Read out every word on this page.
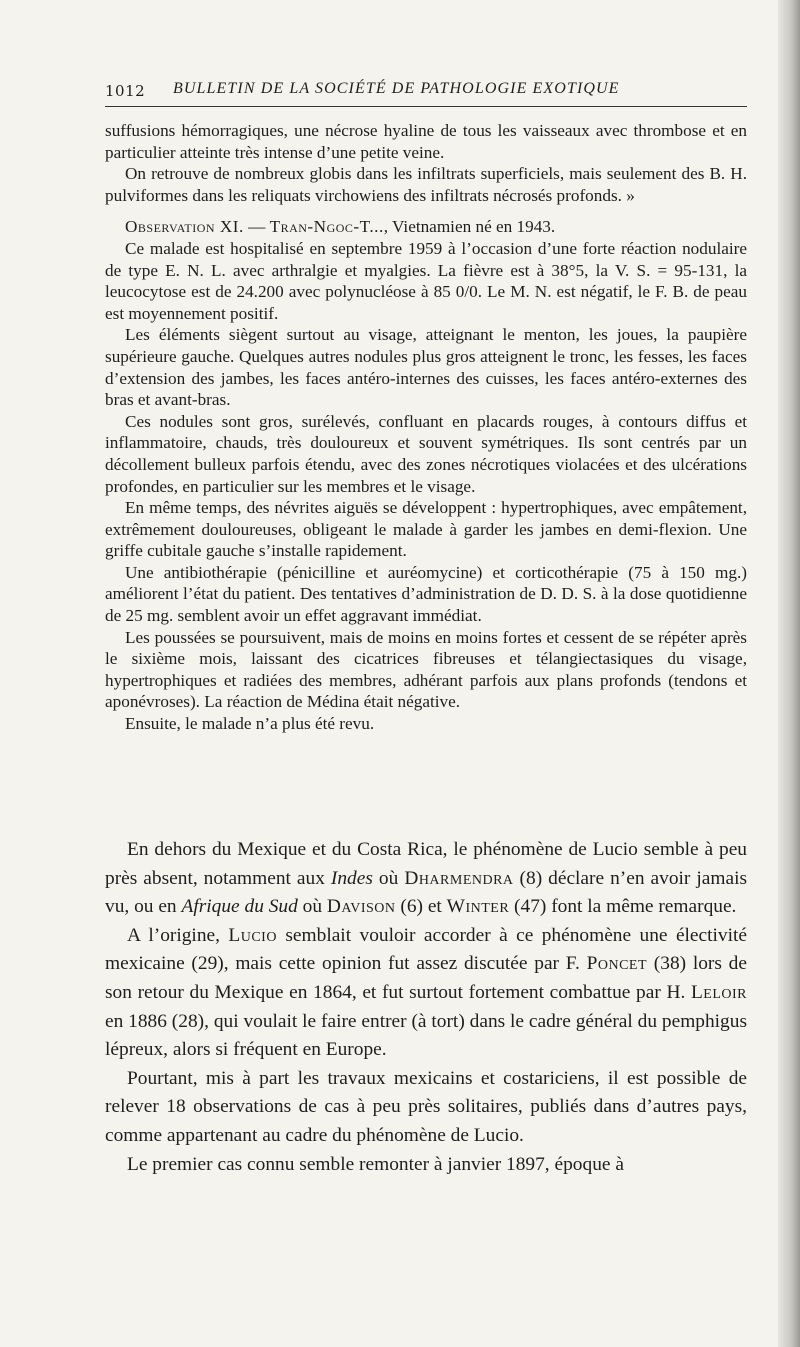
1012 BULLETIN DE LA SOCIÉTÉ DE PATHOLOGIE EXOTIQUE

suffusions hémorragiques, une nécrose hyaline de tous les vaisseaux avec thrombose et en particulier atteinte très intense d’une petite veine.

On retrouve de nombreux globis dans les infiltrats superficiels, mais seulement des B. H. pulviformes dans les reliquats virchowiens des infiltrats nécrosés profonds. »

Observation XI. — Tran-Ngoc-T..., Vietnamien né en 1943.

Ce malade est hospitalisé en septembre 1959 à l’occasion d’une forte réaction nodulaire de type E. N. L. avec arthralgie et myalgies. La fièvre est à 38°5, la V. S. = 95-131, la leucocytose est de 24.200 avec polynucléose à 85 0/0. Le M. N. est négatif, le F. B. de peau est moyennement positif.

Les éléments siègent surtout au visage, atteignant le menton, les joues, la paupière supérieure gauche. Quelques autres nodules plus gros atteignent le tronc, les fesses, les faces d’extension des jambes, les faces antéro-internes des cuisses, les faces antéro-externes des bras et avant-bras.

Ces nodules sont gros, surélevés, confluant en placards rouges, à contours diffus et inflammatoire, chauds, très douloureux et souvent symétriques. Ils sont centrés par un décollement bulleux parfois étendu, avec des zones nécrotiques violacées et des ulcérations profondes, en particulier sur les membres et le visage.

En même temps, des névrites aiguës se développent : hypertrophiques, avec empâtement, extrêmement douloureuses, obligeant le malade à garder les jambes en demi-flexion. Une griffe cubitale gauche s’installe rapidement.

Une antibiothérapie (pénicilline et auréomycine) et corticothérapie (75 à 150 mg.) améliorent l’état du patient. Des tentatives d’administration de D. D. S. à la dose quotidienne de 25 mg. semblent avoir un effet aggravant immédiat.

Les poussées se poursuivent, mais de moins en moins fortes et cessent de se répéter après le sixième mois, laissant des cicatrices fibreuses et télangiectasiques du visage, hypertrophiques et radiées des membres, adhérant parfois aux plans profonds (tendons et aponévroses). La réaction de Médina était négative.

Ensuite, le malade n’a plus été revu.

En dehors du Mexique et du Costa Rica, le phénomène de Lucio semble à peu près absent, notamment aux Indes où Dharmendra (8) déclare n’en avoir jamais vu, ou en Afrique du Sud où Davison (6) et Winter (47) font la même remarque.

A l’origine, Lucio semblait vouloir accorder à ce phénomène une électivité mexicaine (29), mais cette opinion fut assez discutée par F. Poncet (38) lors de son retour du Mexique en 1864, et fut surtout fortement combattue par H. Leloir en 1886 (28), qui voulait le faire entrer (à tort) dans le cadre général du pemphigus lépreux, alors si fréquent en Europe.

Pourtant, mis à part les travaux mexicains et costariciens, il est possible de relever 18 observations de cas à peu près solitaires, publiés dans d’autres pays, comme appartenant au cadre du phénomène de Lucio.

Le premier cas connu semble remonter à janvier 1897, époque à
